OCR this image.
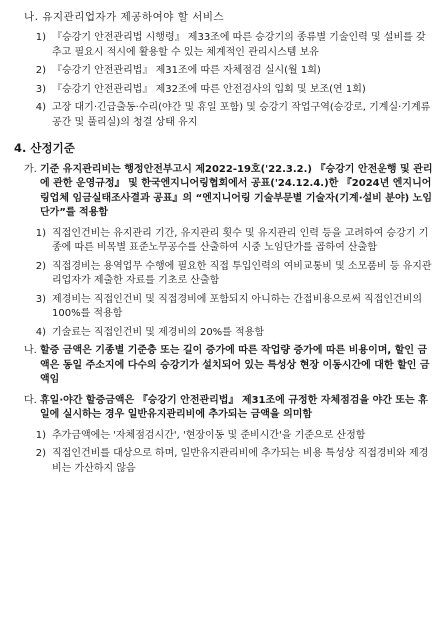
나. 유지관리업자가 제공하여야 할 서비스
1) 『승강기 안전관리법 시행령』 제33조에 따른 승강기의 종류별 기술인력 및 설비를 갖추고 필요시 적시에 활용할 수 있는 체계적인 관리시스템 보유
2) 『승강기 안전관리법』 제31조에 따른 자체점검 실시(월 1회)
3) 『승강기 안전관리법』 제32조에 따른 안전검사의 입회 및 보조(연 1회)
4) 고장 대기·긴급출동·수리(야간 및 휴일 포함) 및 승강기 작업구역(승강로, 기계실·기계류 공간 및 풀리실)의 청결 상태 유지
4. 산정기준
가. 기준 유지관리비는 행정안전부고시 제2022-19호('22.3.2.) 『승강기 안전운행 및 관리에 관한 운영규정』 및 한국엔지니어링협회에서 공표('24.12.4.)한 『2024년 엔지니어링업체 임금실태조사결과 공표』의 “엔지니어링 기술부문별 기술자(기계·설비 분야) 노임단가”를 적용함
1) 직접인건비는 유지관리 기간, 유지관리 횟수 및 유지관리 인력 등을 고려하여 승강기 기종에 따른 비목별 표준노무공수를 산출하여 시중 노임단가를 곱하여 산출함
2) 직접경비는 용역업무 수행에 필요한 직접 투입인력의 여비교통비 및 소모품비 등 유지관리업자가 제출한 자료를 기초로 산출함
3) 제경비는 직접인건비 및 직접경비에 포함되지 아니하는 간접비용으로써 직접인건비의 100%를 적용함
4) 기술료는 직접인건비 및 제경비의 20%를 적용함
나. 할증 금액은 기종별 기준층 또는 길이 증가에 따른 작업량 증가에 따른 비용이며, 할인 금액은 동일 주소지에 다수의 승강기가 설치되어 있는 특성상 현장 이동시간에 대한 할인 금액임
다. 휴일·야간 할증금액은 『승강기 안전관리법』 제31조에 규정한 자체점검을 야간 또는 휴일에 실시하는 경우 일반유지관리비에 추가되는 금액을 의미함
1) 추가금액에는 '자체점검시간', '현장이동 및 준비시간'을 기준으로 산정함
2) 직접인건비를 대상으로 하며, 일반유지관리비에 추가되는 비용 특성상 직접경비와 제경비는 가산하지 않음
